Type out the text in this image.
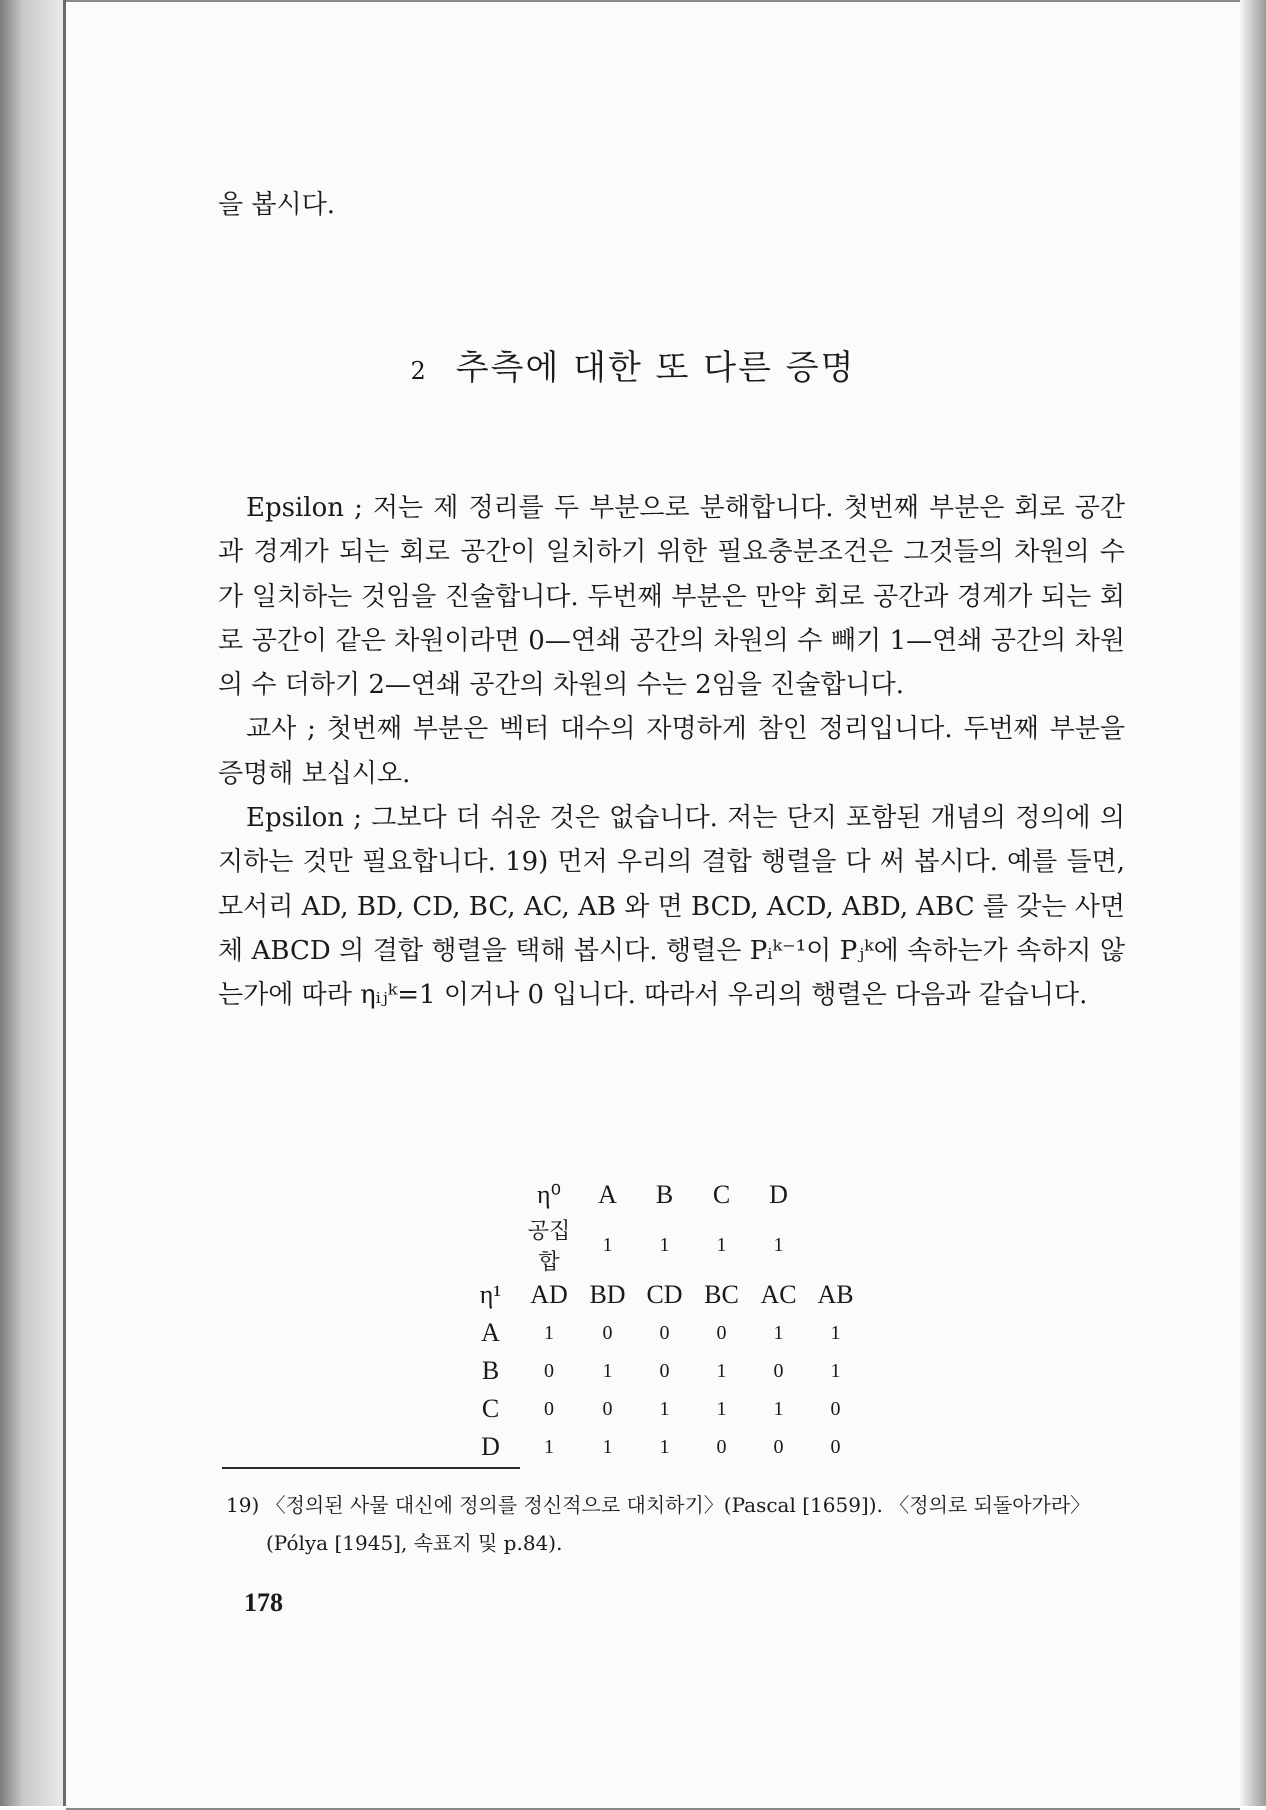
을 봅시다.
2 추측에 대한 또 다른 증명

Epsilon ; 저는 제 정리를 두 부분으로 분해합니다. 첫번째 부분은 회로 공간과 경계가 되는 회로 공간이 일치하기 위한 필요충분조건은 그것들의 차원의 수가 일치하는 것임을 진술합니다. 두번째 부분은 만약 회로 공간과 경계가 되는 회로 공간이 같은 차원이라면 0—연쇄 공간의 차원의 수 빼기 1—연쇄 공간의 차원의 수 더하기 2—연쇄 공간의 차원의 수는 2임을 진술합니다.

교사 ; 첫번째 부분은 벡터 대수의 자명하게 참인 정리입니다. 두번째 부분을 증명해 보십시오.

Epsilon ; 그보다 더 쉬운 것은 없습니다. 저는 단지 포함된 개념의 정의에 의지하는 것만 필요합니다. 19) 먼저 우리의 결합 행렬을 다 써 봅시다. 예를 들면, 모서리 AD, BD, CD, BC, AC, AB 와 면 BCD, ACD, ABD, ABC 를 갖는 사면체 ABCD 의 결합 행렬을 택해 봅시다. 행렬은 Pᵢᵏ⁻¹이 Pⱼᵏ에 속하는가 속하지 않는가에 따라 ηᵢⱼᵏ=1 이거나 0 입니다. 따라서 우리의 행렬은 다음과 같습니다.

	η⁰	A	B	C	D	
	공집합	1	1	1	1	
η¹	AD	BD	CD	BC	AC	AB
A	1	0	0	0	1	1
B	0	1	0	1	0	1
C	0	0	1	1	1	0
D	1	1	1	0	0	0

19) 〈정의된 사물 대신에 정의를 정신적으로 대치하기〉(Pascal [1659]). 〈정의로 되돌아가라〉

(Pólya [1945], 속표지 및 p.84).

178
